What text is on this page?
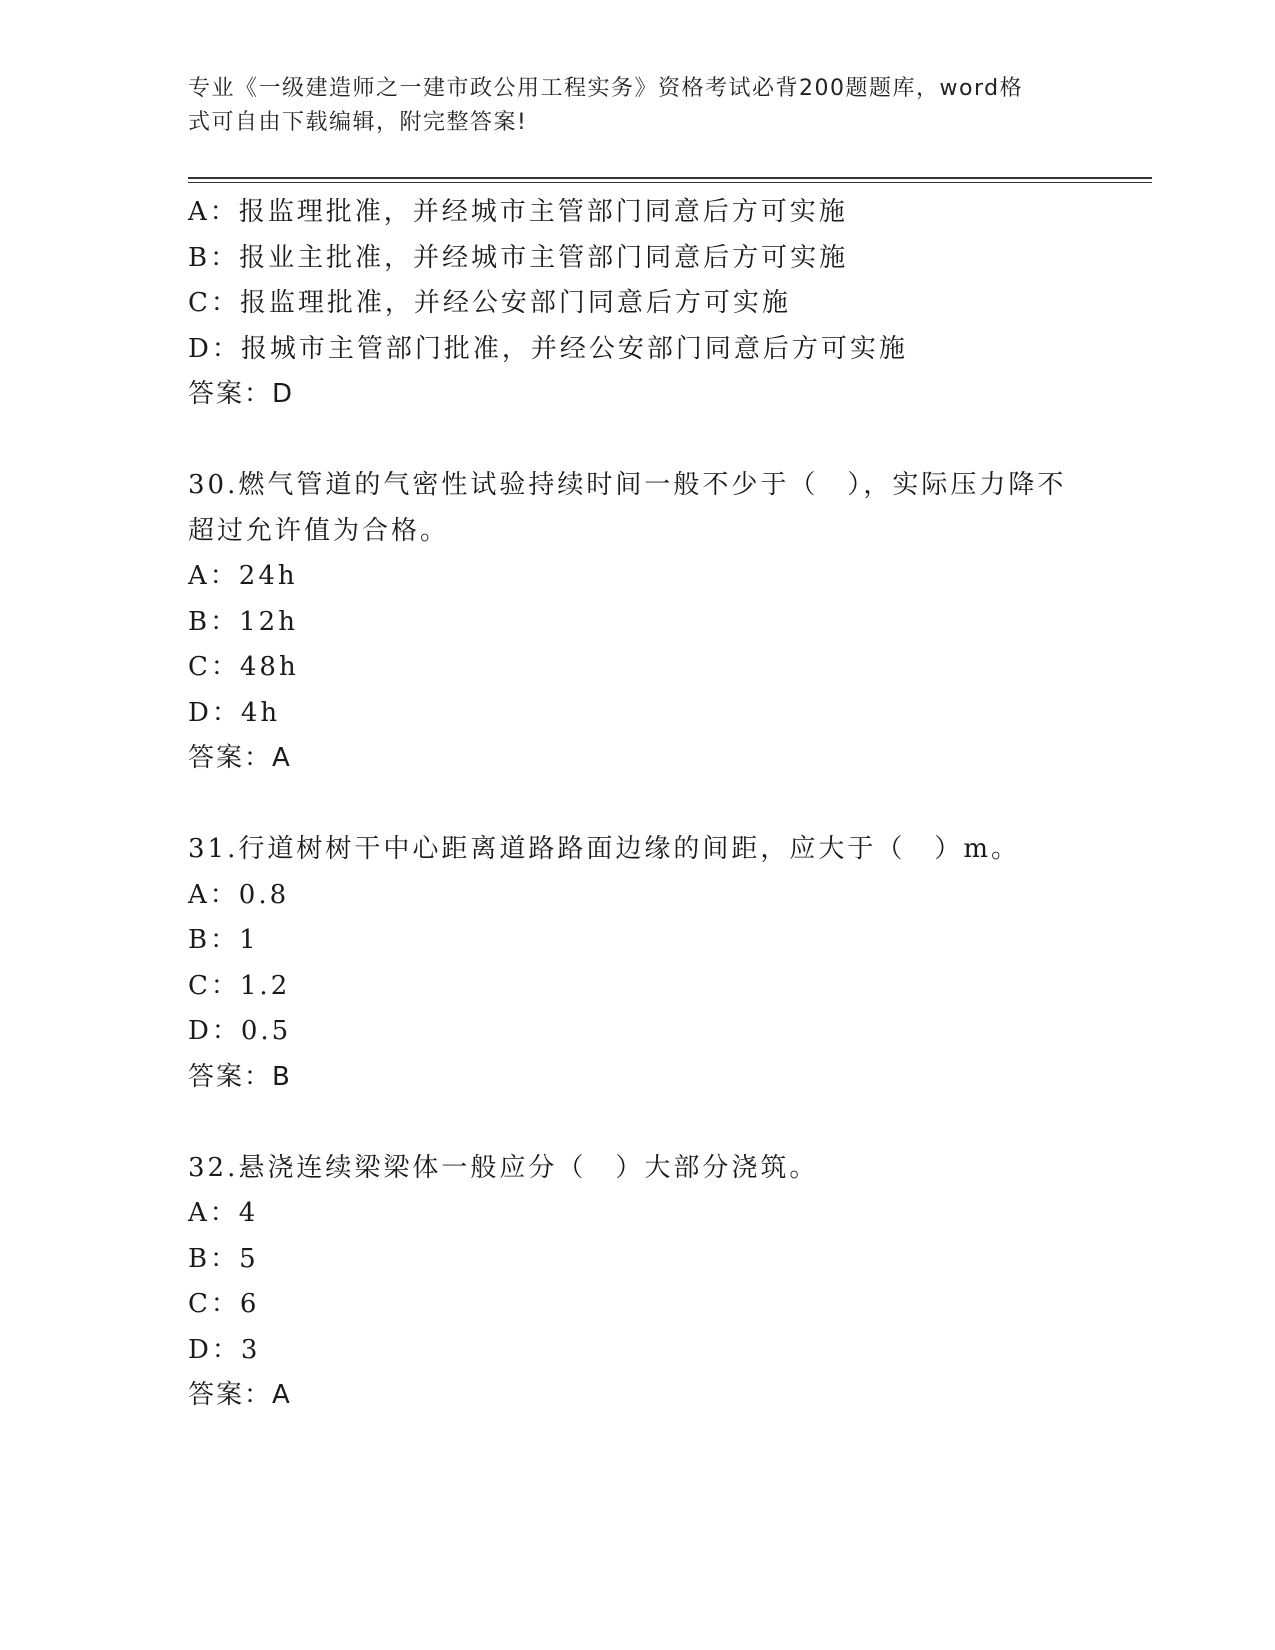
专业《一级建造师之一建市政公用工程实务》资格考试必背200题题库，word格
式可自由下载编辑，附完整答案!
A：报监理批准，并经城市主管部门同意后方可实施
B：报业主批准，并经城市主管部门同意后方可实施
C：报监理批准，并经公安部门同意后方可实施
D：报城市主管部门批准，并经公安部门同意后方可实施
答案：D
30.燃气管道的气密性试验持续时间一般不少于（　），实际压力降不
超过允许值为合格。
A：24h
B：12h
C：48h
D：4h
答案：A
31.行道树树干中心距离道路路面边缘的间距，应大于（　）m。
A：0.8
B：1
C：1.2
D：0.5
答案：B
32.悬浇连续梁梁体一般应分（　）大部分浇筑。
A：4
B：5
C：6
D：3
答案：A
